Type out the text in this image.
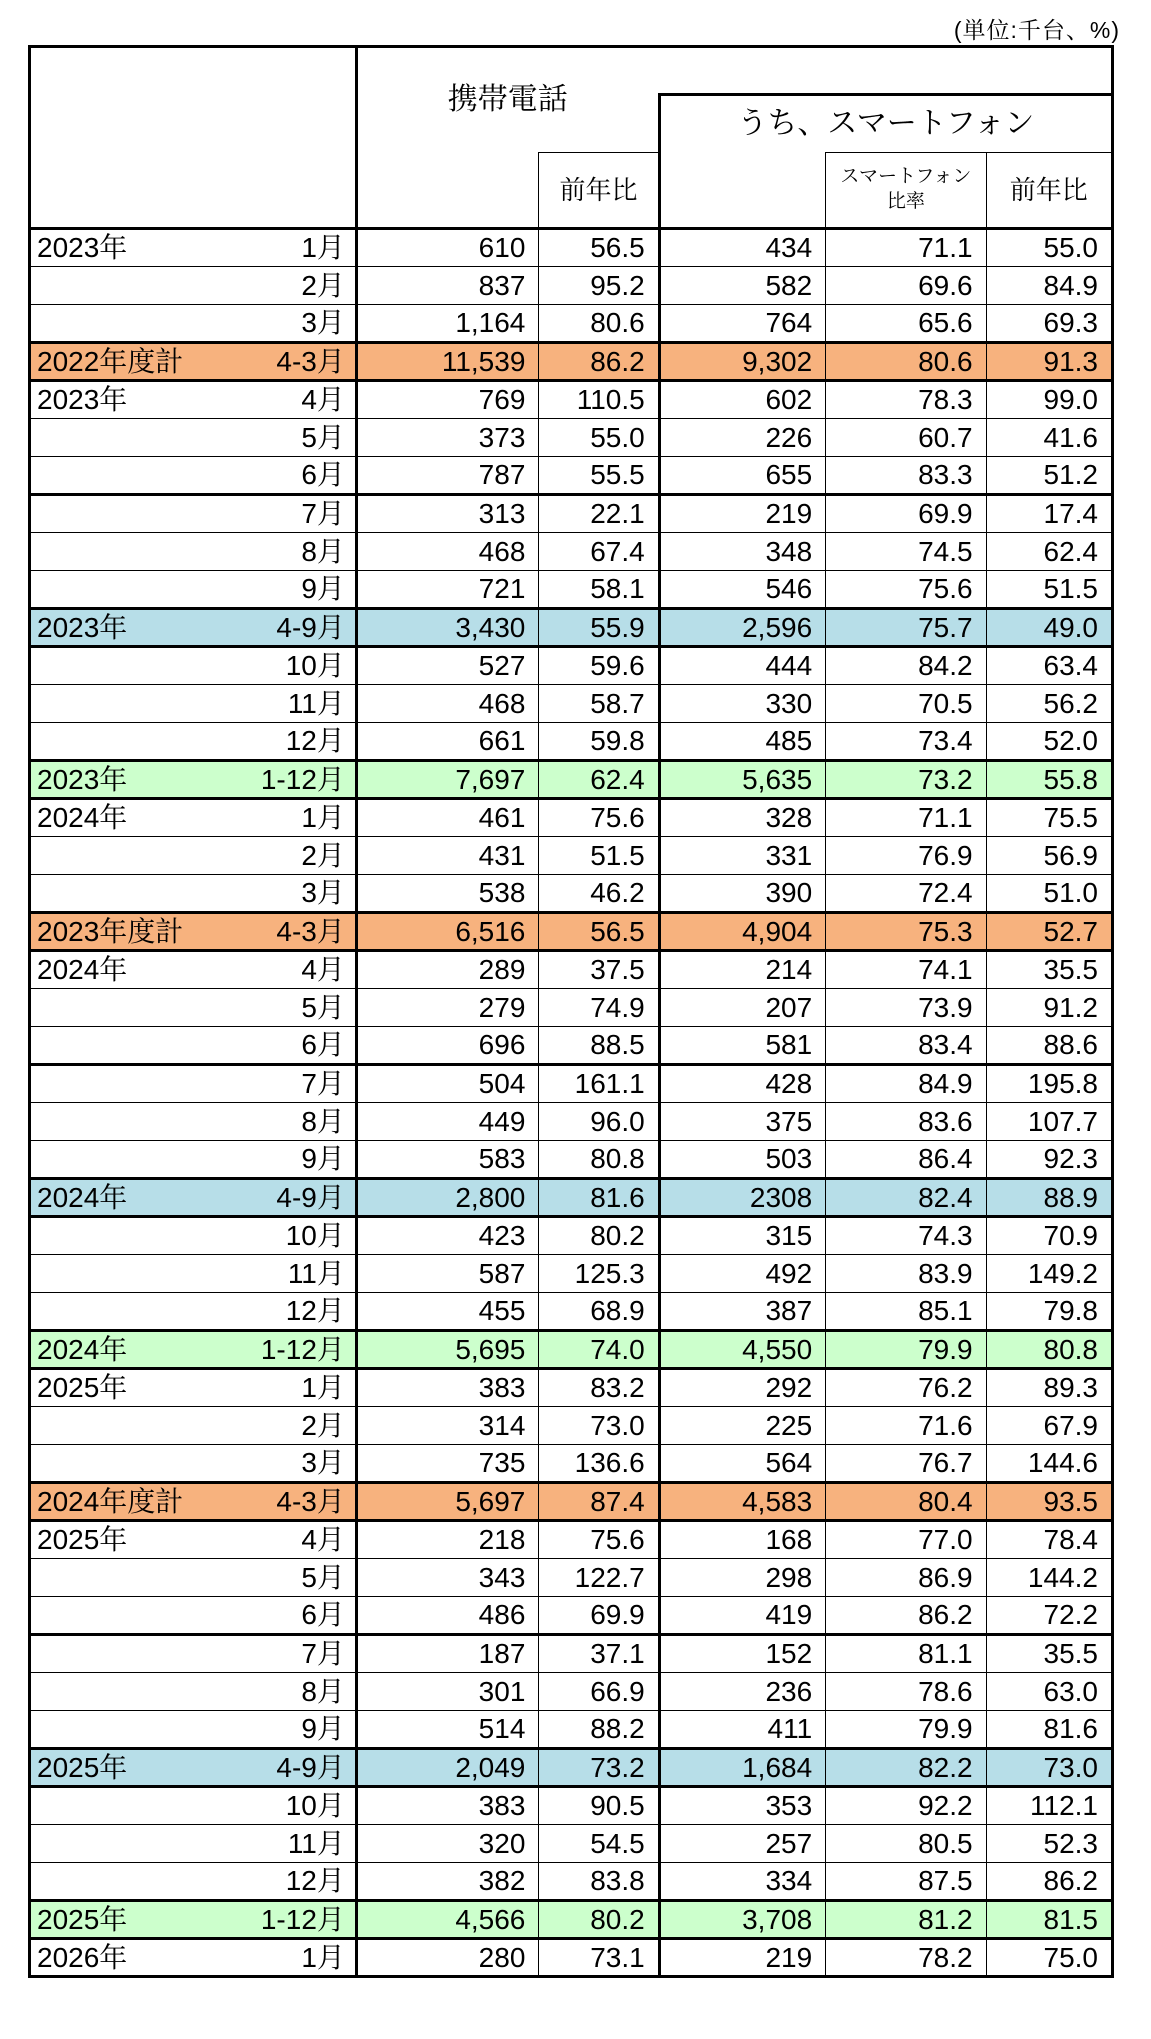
(単位:千台、%)
	携帯電話				
			うち、スマートフォン		
		前年比		スマートフォン
比率	前年比

2023年 1月	610	56.5	434	71.1	55.0

2月	837	95.2	582	69.6	84.9

3月	1,164	80.6	764	65.6	69.3

2022年度計 4-3月	11,539	86.2	9,302	80.6	91.3

2023年 4月	769	110.5	602	78.3	99.0

5月	373	55.0	226	60.7	41.6

6月	787	55.5	655	83.3	51.2

7月	313	22.1	219	69.9	17.4

8月	468	67.4	348	74.5	62.4

9月	721	58.1	546	75.6	51.5

2023年 4-9月	3,430	55.9	2,596	75.7	49.0

10月	527	59.6	444	84.2	63.4

11月	468	58.7	330	70.5	56.2

12月	661	59.8	485	73.4	52.0

2023年 1-12月	7,697	62.4	5,635	73.2	55.8

2024年 1月	461	75.6	328	71.1	75.5

2月	431	51.5	331	76.9	56.9

3月	538	46.2	390	72.4	51.0

2023年度計 4-3月	6,516	56.5	4,904	75.3	52.7

2024年 4月	289	37.5	214	74.1	35.5

5月	279	74.9	207	73.9	91.2

6月	696	88.5	581	83.4	88.6

7月	504	161.1	428	84.9	195.8

8月	449	96.0	375	83.6	107.7

9月	583	80.8	503	86.4	92.3

2024年 4-9月	2,800	81.6	2308	82.4	88.9

10月	423	80.2	315	74.3	70.9

11月	587	125.3	492	83.9	149.2

12月	455	68.9	387	85.1	79.8

2024年 1-12月	5,695	74.0	4,550	79.9	80.8

2025年 1月	383	83.2	292	76.2	89.3

2月	314	73.0	225	71.6	67.9

3月	735	136.6	564	76.7	144.6

2024年度計 4-3月	5,697	87.4	4,583	80.4	93.5

2025年 4月	218	75.6	168	77.0	78.4

5月	343	122.7	298	86.9	144.2

6月	486	69.9	419	86.2	72.2

7月	187	37.1	152	81.1	35.5

8月	301	66.9	236	78.6	63.0

9月	514	88.2	411	79.9	81.6

2025年 4-9月	2,049	73.2	1,684	82.2	73.0

10月	383	90.5	353	92.2	112.1

11月	320	54.5	257	80.5	52.3

12月	382	83.8	334	87.5	86.2

2025年 1-12月	4,566	80.2	3,708	81.2	81.5

2026年 1月	280	73.1	219	78.2	75.0
